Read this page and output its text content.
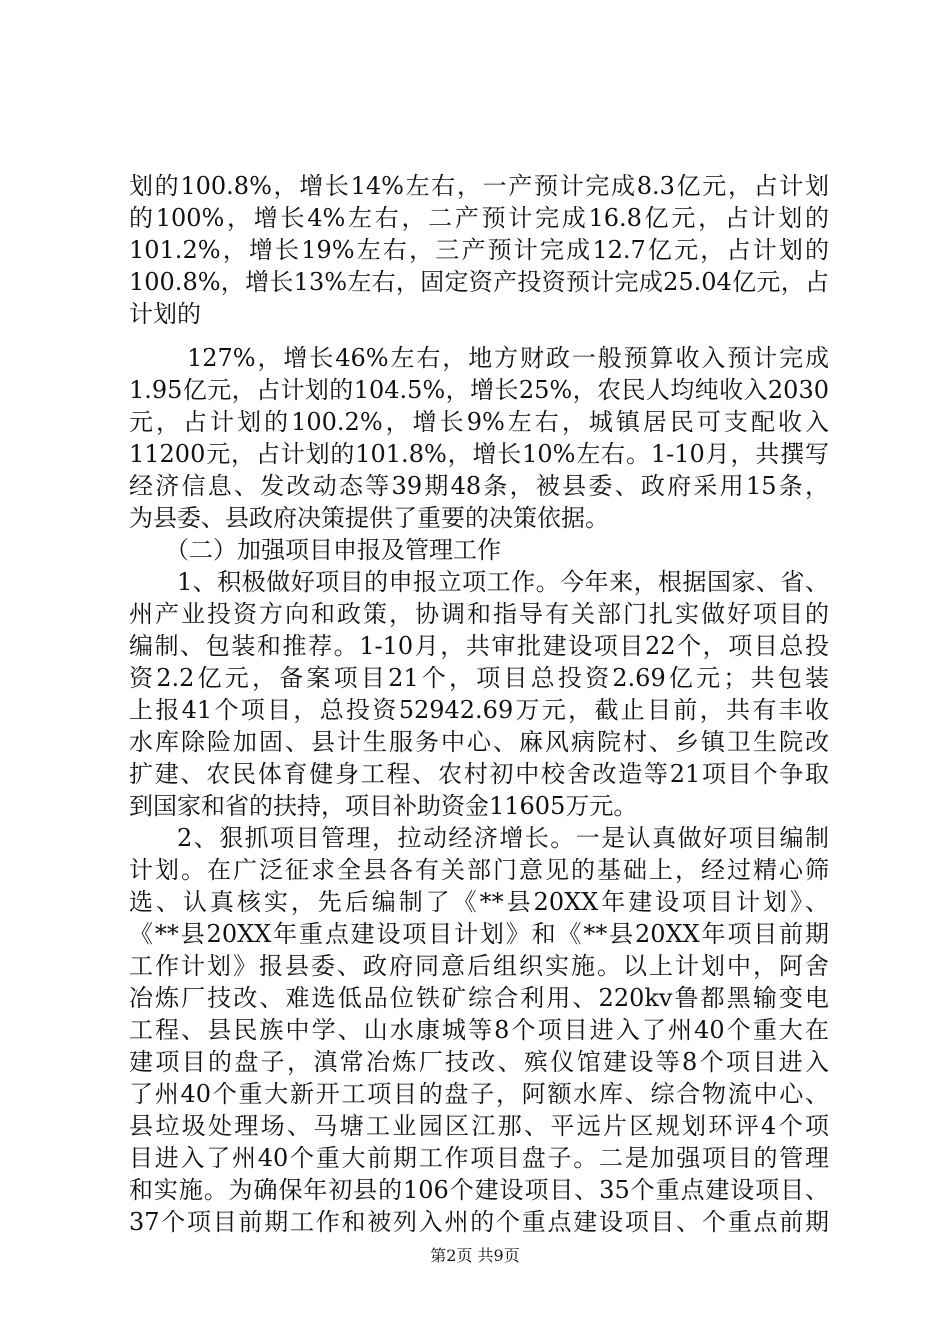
划的100.8%，增长14%左右，一产预计完成8.3亿元，占计划
的100%，增长4%左右，二产预计完成16.8亿元，占计划的
101.2%，增长19%左右，三产预计完成12.7亿元，占计划的
100.8%，增长13%左右，固定资产投资预计完成25.04亿元，占
计划的
127%，增长46%左右，地方财政一般预算收入预计完成
1.95亿元，占计划的104.5%，增长25%，农民人均纯收入2030
元，占计划的100.2%，增长9%左右，城镇居民可支配收入
11200元，占计划的101.8%，增长10%左右。1-10月，共撰写
经济信息、发改动态等39期48条，被县委、政府采用15条，
为县委、县政府决策提供了重要的决策依据。
（二）加强项目申报及管理工作
1、积极做好项目的申报立项工作。今年来，根据国家、省、
州产业投资方向和政策，协调和指导有关部门扎实做好项目的
编制、包装和推荐。1-10月，共审批建设项目22个，项目总投
资2.2亿元，备案项目21个，项目总投资2.69亿元；共包装
上报41个项目，总投资52942.69万元，截止目前，共有丰收
水库除险加固、县计生服务中心、麻风病院村、乡镇卫生院改
扩建、农民体育健身工程、农村初中校舍改造等21项目个争取
到国家和省的扶持，项目补助资金11605万元。
2、狠抓项目管理，拉动经济增长。一是认真做好项目编制
计划。在广泛征求全县各有关部门意见的基础上，经过精心筛
选、认真核实，先后编制了《**县20XX年建设项目计划》、
《**县20XX年重点建设项目计划》和《**县20XX年项目前期
工作计划》报县委、政府同意后组织实施。以上计划中，阿舍
冶炼厂技改、难选低品位铁矿综合利用、220kv鲁都黑输变电
工程、县民族中学、山水康城等8个项目进入了州40个重大在
建项目的盘子，滇常冶炼厂技改、殡仪馆建设等8个项目进入
了州40个重大新开工项目的盘子，阿额水库、综合物流中心、
县垃圾处理场、马塘工业园区江那、平远片区规划环评4个项
目进入了州40个重大前期工作项目盘子。二是加强项目的管理
和实施。为确保年初县的106个建设项目、35个重点建设项目、
37个项目前期工作和被列入州的个重点建设项目、个重点前期
第2页 共9页
